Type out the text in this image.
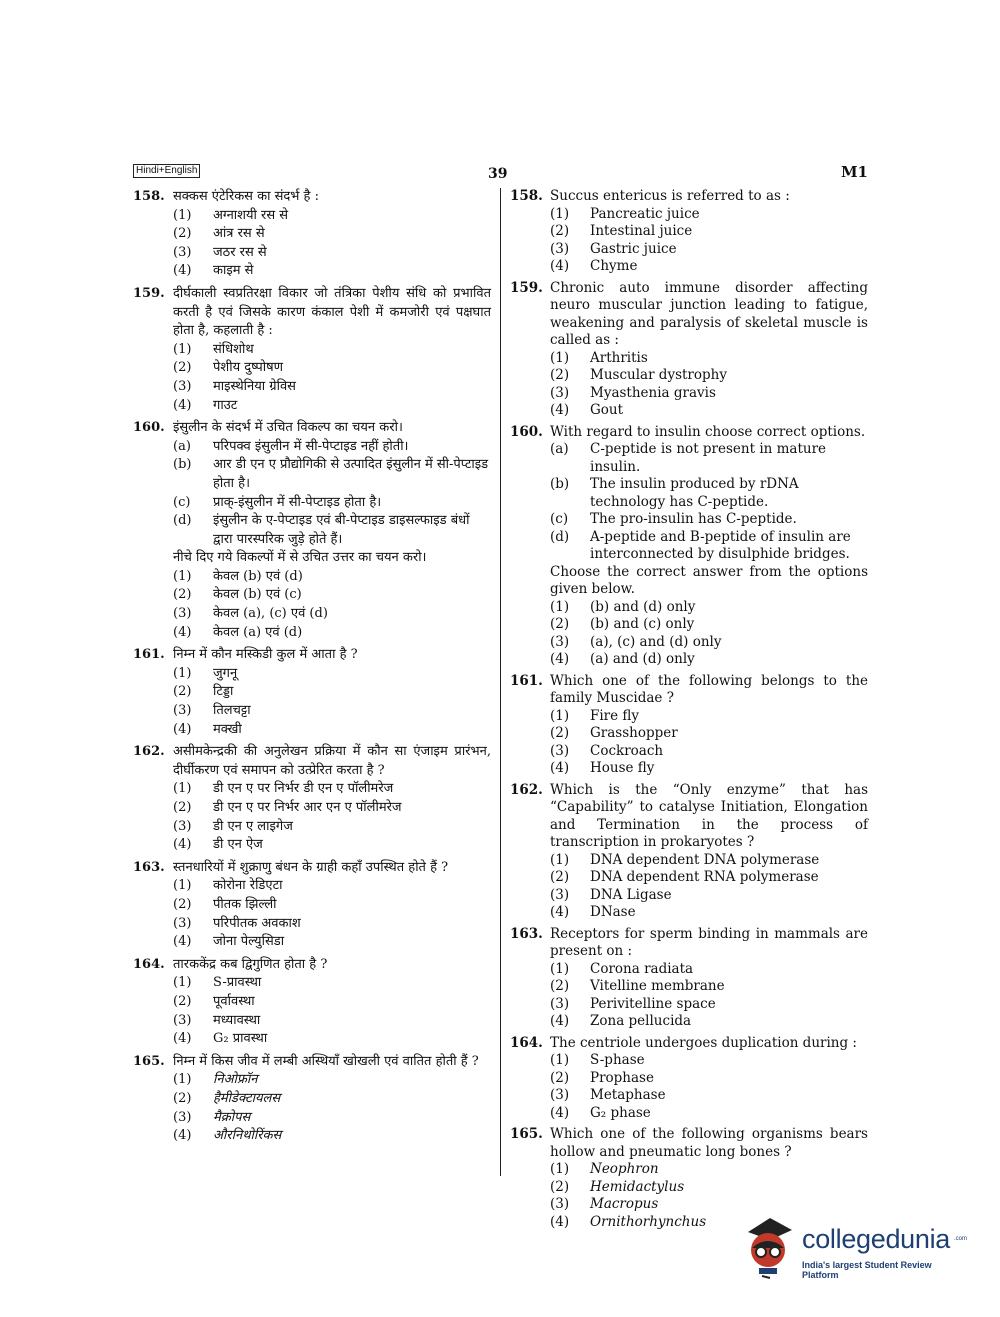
Hindi+English	39	M1
158. सक्कस एंटेरिकस का संदर्भ है :
(1)	अग्नाशयी रस से
(2)	आंत्र रस से
(3)	जठर रस से
(4)	काइम से
159. दीर्घकाली स्वप्रतिरक्षा विकार जो तंत्रिका पेशीय संधि को प्रभावित करती है एवं जिसके कारण कंकाल पेशी में कमजोरी एवं पक्षघात होता है, कहलाती है :
(1)	संधिशोथ
(2)	पेशीय दुष्पोषण
(3)	माइस्थेनिया ग्रेविस
(4)	गाउट
160. इंसुलीन के संदर्भ में उचित विकल्प का चयन करो।
(a)	परिपक्व इंसुलीन में सी-पेप्टाइड नहीं होती।
(b)	आर डी एन ए प्रौद्योगिकी से उत्पादित इंसुलीन में सी-पेप्टाइड होता है।
(c)	प्राक्-इंसुलीन में सी-पेप्टाइड होता है।
(d)	इंसुलीन के ए-पेप्टाइड एवं बी-पेप्टाइड डाइसल्फाइड बंधों द्वारा पारस्परिक जुड़े होते हैं।
नीचे दिए गये विकल्पों में से उचित उत्तर का चयन करो।
(1)	केवल (b) एवं (d)
(2)	केवल (b) एवं (c)
(3)	केवल (a), (c) एवं (d)
(4)	केवल (a) एवं (d)
161. निम्न में कौन मस्किडी कुल में आता है ?
(1)	जुगनू
(2)	टिड्डा
(3)	तिलचट्टा
(4)	मक्खी
162. असीमकेन्द्रकी की अनुलेखन प्रक्रिया में कौन सा एंजाइम प्रारंभन, दीर्घीकरण एवं समापन को उत्प्रेरित करता है ?
(1)	डी एन ए पर निर्भर डी एन ए पॉलीमरेज
(2)	डी एन ए पर निर्भर आर एन ए पॉलीमरेज
(3)	डी एन ए लाइगेज
(4)	डी एन ऐज
163. स्तनधारियों में शुक्राणु बंधन के ग्राही कहाँ उपस्थित होते हैं ?
(1)	कोरोना रेडिएटा
(2)	पीतक झिल्ली
(3)	परिपीतक अवकाश
(4)	जोना पेल्युसिडा
164. तारककेंद्र कब द्विगुणित होता है ?
(1)	S-प्रावस्था
(2)	पूर्वावस्था
(3)	मध्यावस्था
(4)	G₂ प्रावस्था
165. निम्न में किस जीव में लम्बी अस्थियाँ खोखली एवं वातित होती हैं ?
(1)	निओफ्रॉन
(2)	हैमीडेक्टायलस
(3)	मैक्रोपस
(4)	औरनिथोरिंकस
158. Succus entericus is referred to as :
(1)	Pancreatic juice
(2)	Intestinal juice
(3)	Gastric juice
(4)	Chyme
159. Chronic auto immune disorder affecting neuro muscular junction leading to fatigue, weakening and paralysis of skeletal muscle is called as :
(1)	Arthritis
(2)	Muscular dystrophy
(3)	Myasthenia gravis
(4)	Gout
160. With regard to insulin choose correct options.
(a)	C-peptide is not present in mature insulin.
(b)	The insulin produced by rDNA technology has C-peptide.
(c)	The pro-insulin has C-peptide.
(d)	A-peptide and B-peptide of insulin are interconnected by disulphide bridges.
Choose the correct answer from the options given below.
(1)	(b) and (d) only
(2)	(b) and (c) only
(3)	(a), (c) and (d) only
(4)	(a) and (d) only
161. Which one of the following belongs to the family Muscidae ?
(1)	Fire fly
(2)	Grasshopper
(3)	Cockroach
(4)	House fly
162. Which is the “Only enzyme” that has “Capability” to catalyse Initiation, Elongation and Termination in the process of transcription in prokaryotes ?
(1)	DNA dependent DNA polymerase
(2)	DNA dependent RNA polymerase
(3)	DNA Ligase
(4)	DNase
163. Receptors for sperm binding in mammals are present on :
(1)	Corona radiata
(2)	Vitelline membrane
(3)	Perivitelline space
(4)	Zona pellucida
164. The centriole undergoes duplication during :
(1)	S-phase
(2)	Prophase
(3)	Metaphase
(4)	G₂ phase
165. Which one of the following organisms bears hollow and pneumatic long bones ?
(1)	Neophron
(2)	Hemidactylus
(3)	Macropus
(4)	Ornithorhynchus
collegedunia .com
India's largest Student Review Platform
